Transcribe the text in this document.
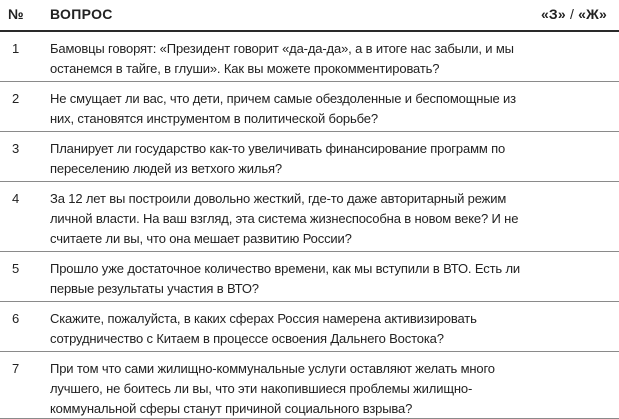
№ ВОПРОС	«З» / «Ж»
1 Бамовцы говорят: «Президент говорит «да-да-да», а в итоге нас забыли, и мы останемся в тайге, в глуши». Как вы можете прокомментировать?
2 Не смущает ли вас, что дети, причем самые обездоленные и беспомощные из них, становятся инструментом в политической борьбе?
3 Планирует ли государство как-то увеличивать финансирование программ по переселению людей из ветхого жилья?
4 За 12 лет вы построили довольно жесткий, где-то даже авторитарный режим личной власти. На ваш взгляд, эта система жизнеспособна в новом веке? И не считаете ли вы, что она мешает развитию России?
5 Прошло уже достаточное количество времени, как мы вступили в ВТО. Есть ли первые результаты участия в ВТО?
6 Скажите, пожалуйста, в каких сферах Россия намерена активизировать сотрудничество с Китаем в процессе освоения Дальнего Востока?
7 При том что сами жилищно-коммунальные услуги оставляют желать много лучшего, не боитесь ли вы, что эти накопившиеся проблемы жилищно-коммунальной сферы станут причиной социального взрыва?
